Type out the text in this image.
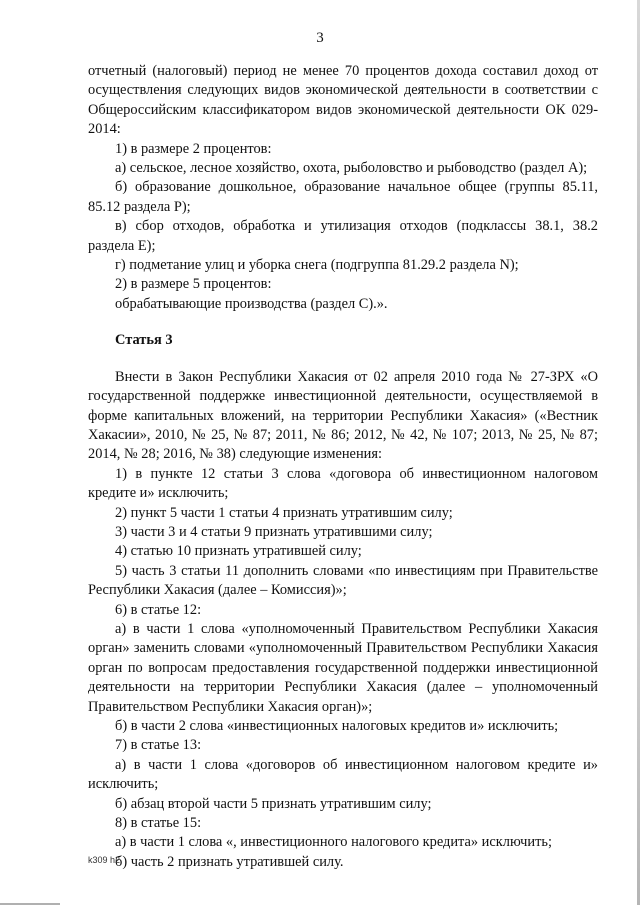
3

отчетный (налоговый) период не менее 70 процентов дохода составил доход от осуществления следующих видов экономической деятельности в соответствии с Общероссийским классификатором видов экономической деятельности ОК 029-2014:

1) в размере 2 процентов:

а) сельское, лесное хозяйство, охота, рыболовство и рыбоводство (раздел А);

б) образование дошкольное, образование начальное общее (группы 85.11, 85.12 раздела P);

в) сбор отходов, обработка и утилизация отходов (подклассы 38.1, 38.2 раздела E);

г) подметание улиц и уборка снега (подгруппа 81.29.2 раздела N);

2) в размере 5 процентов:

обрабатывающие производства (раздел С).».

Статья 3

Внести в Закон Республики Хакасия от 02 апреля 2010 года № 27-ЗРХ «О государственной поддержке инвестиционной деятельности, осуществляемой в форме капитальных вложений, на территории Республики Хакасия» («Вестник Хакасии», 2010, № 25, № 87; 2011, № 86; 2012, № 42, № 107; 2013, № 25, № 87; 2014, № 28; 2016, № 38) следующие изменения:

1) в пункте 12 статьи 3 слова «договора об инвестиционном налоговом кредите и» исключить;

2) пункт 5 части 1 статьи 4 признать утратившим силу;

3) части 3 и 4 статьи 9 признать утратившими силу;

4) статью 10 признать утратившей силу;

5) часть 3 статьи 11 дополнить словами «по инвестициям при Правительстве Республики Хакасия (далее – Комиссия)»;

6) в статье 12:

а) в части 1 слова «уполномоченный Правительством Республики Хакасия орган» заменить словами «уполномоченный Правительством Республики Хакасия орган по вопросам предоставления государственной поддержки инвестиционной деятельности на территории Республики Хакасия (далее – уполномоченный Правительством Республики Хакасия орган)»;

б) в части 2 слова «инвестиционных налоговых кредитов и» исключить;

7) в статье 13:

а) в части 1 слова «договоров об инвестиционном налоговом кредите и» исключить;

б) абзац второй части 5 признать утратившим силу;

8) в статье 15:

а) в части 1 слова «, инвестиционного налогового кредита» исключить;

б) часть 2 признать утратившей силу.

k309 h2
